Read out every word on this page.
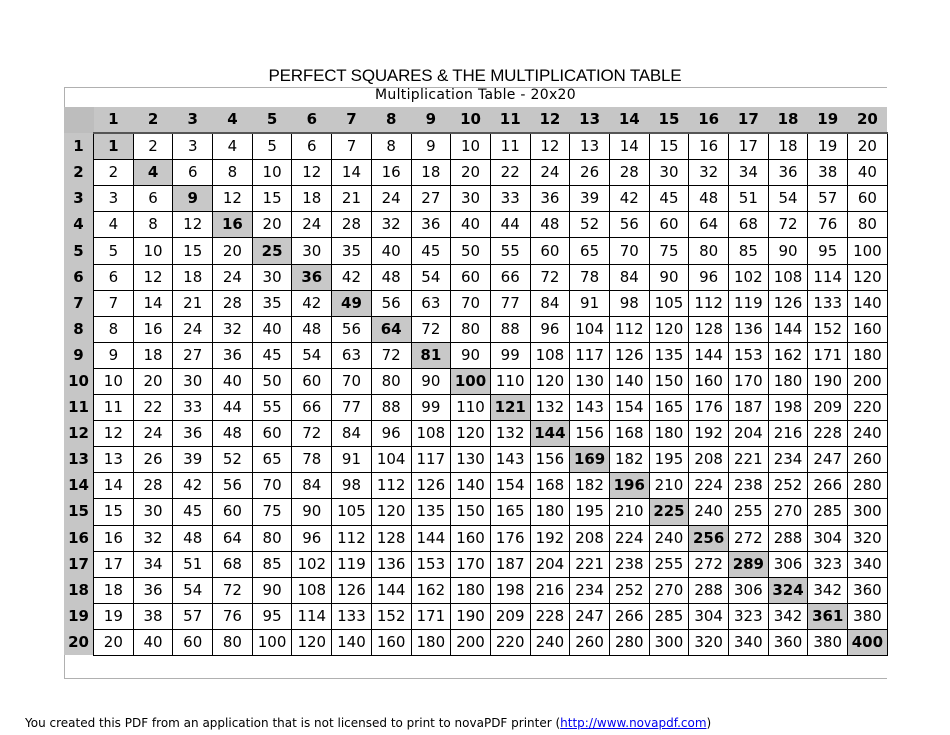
PERFECT SQUARES & THE MULTIPLICATION TABLE
Multiplication Table - 20x20
	1	2	3	4	5	6	7	8	9	10	11	12	13	14	15	16	17	18	19	20
1	1	2	3	4	5	6	7	8	9	10	11	12	13	14	15	16	17	18	19	20
2	2	4	6	8	10	12	14	16	18	20	22	24	26	28	30	32	34	36	38	40
3	3	6	9	12	15	18	21	24	27	30	33	36	39	42	45	48	51	54	57	60
4	4	8	12	16	20	24	28	32	36	40	44	48	52	56	60	64	68	72	76	80
5	5	10	15	20	25	30	35	40	45	50	55	60	65	70	75	80	85	90	95	100
6	6	12	18	24	30	36	42	48	54	60	66	72	78	84	90	96	102	108	114	120
7	7	14	21	28	35	42	49	56	63	70	77	84	91	98	105	112	119	126	133	140
8	8	16	24	32	40	48	56	64	72	80	88	96	104	112	120	128	136	144	152	160
9	9	18	27	36	45	54	63	72	81	90	99	108	117	126	135	144	153	162	171	180
10	10	20	30	40	50	60	70	80	90	100	110	120	130	140	150	160	170	180	190	200
11	11	22	33	44	55	66	77	88	99	110	121	132	143	154	165	176	187	198	209	220
12	12	24	36	48	60	72	84	96	108	120	132	144	156	168	180	192	204	216	228	240
13	13	26	39	52	65	78	91	104	117	130	143	156	169	182	195	208	221	234	247	260
14	14	28	42	56	70	84	98	112	126	140	154	168	182	196	210	224	238	252	266	280
15	15	30	45	60	75	90	105	120	135	150	165	180	195	210	225	240	255	270	285	300
16	16	32	48	64	80	96	112	128	144	160	176	192	208	224	240	256	272	288	304	320
17	17	34	51	68	85	102	119	136	153	170	187	204	221	238	255	272	289	306	323	340
18	18	36	54	72	90	108	126	144	162	180	198	216	234	252	270	288	306	324	342	360
19	19	38	57	76	95	114	133	152	171	190	209	228	247	266	285	304	323	342	361	380
20	20	40	60	80	100	120	140	160	180	200	220	240	260	280	300	320	340	360	380	400
You created this PDF from an application that is not licensed to print to novaPDF printer (http://www.novapdf.com)
